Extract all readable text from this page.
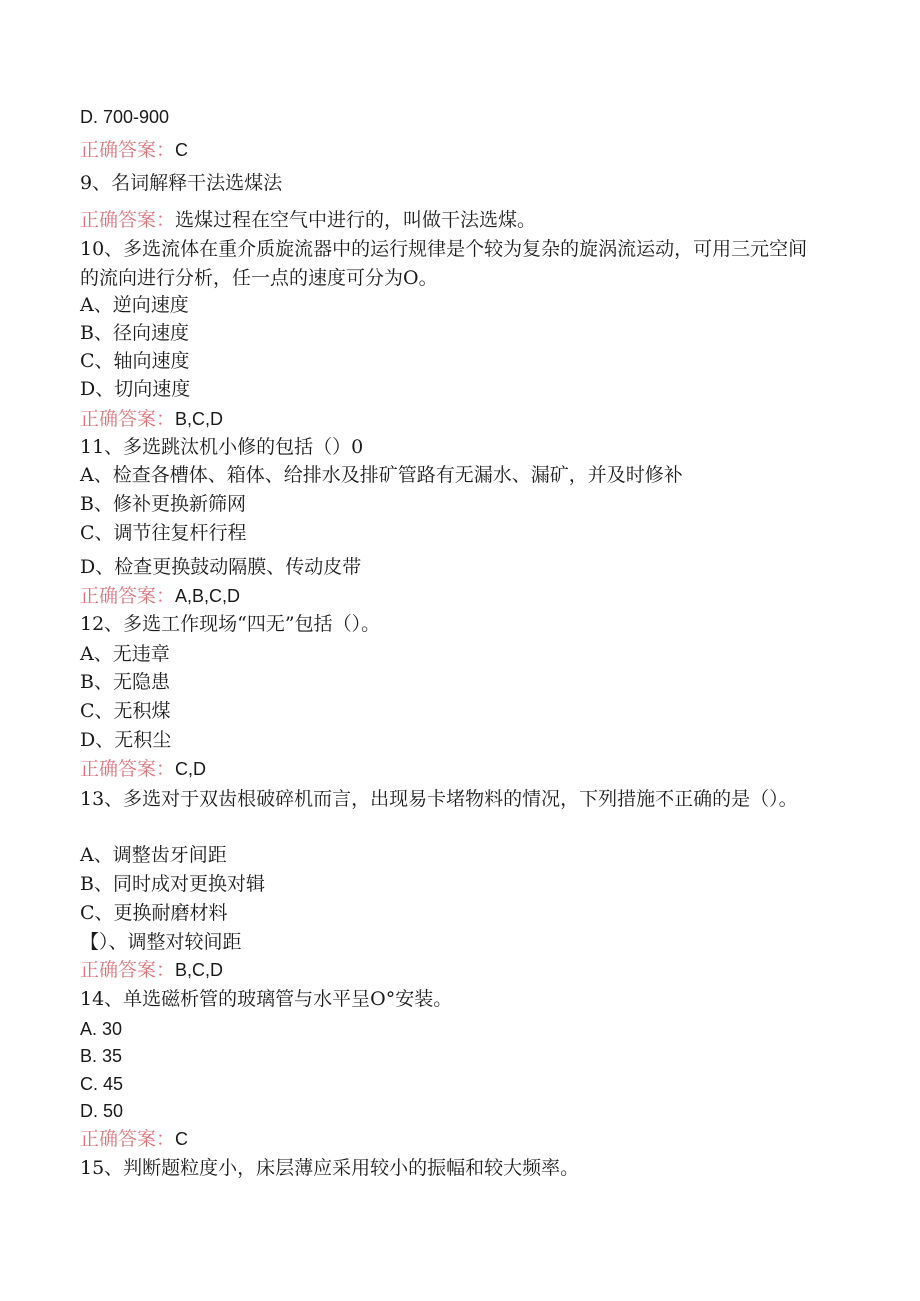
D. 700-900
正确答案：C
9、名词解释干法选煤法
正确答案：选煤过程在空气中进行的，叫做干法选煤。
10、多选流体在重介质旋流器中的运行规律是个较为复杂的旋涡流运动，可用三元空间的流向进行分析，任一点的速度可分为O。
A、逆向速度
B、径向速度
C、轴向速度
D、切向速度
正确答案：B,C,D
11、多选跳汰机小修的包括（）0
A、检查各槽体、箱体、给排水及排矿管路有无漏水、漏矿，并及时修补
B、修补更换新筛网
C、调节往复杆行程
D、检查更换鼓动隔膜、传动皮带
正确答案：A,B,C,D
12、多选工作现场“四无”包括（）。
A、无违章
B、无隐患
C、无积煤
D、无积尘
正确答案：C,D
13、多选对于双齿根破碎机而言，出现易卡堵物料的情况，下列措施不正确的是（）。
A、调整齿牙间距
B、同时成对更换对辑
C、更换耐磨材料
【）、调整对较间距
正确答案：B,C,D
14、单选磁析管的玻璃管与水平呈O°安装。
A. 30
B. 35
C. 45
D. 50
正确答案：C
15、判断题粒度小，床层薄应采用较小的振幅和较大频率。
